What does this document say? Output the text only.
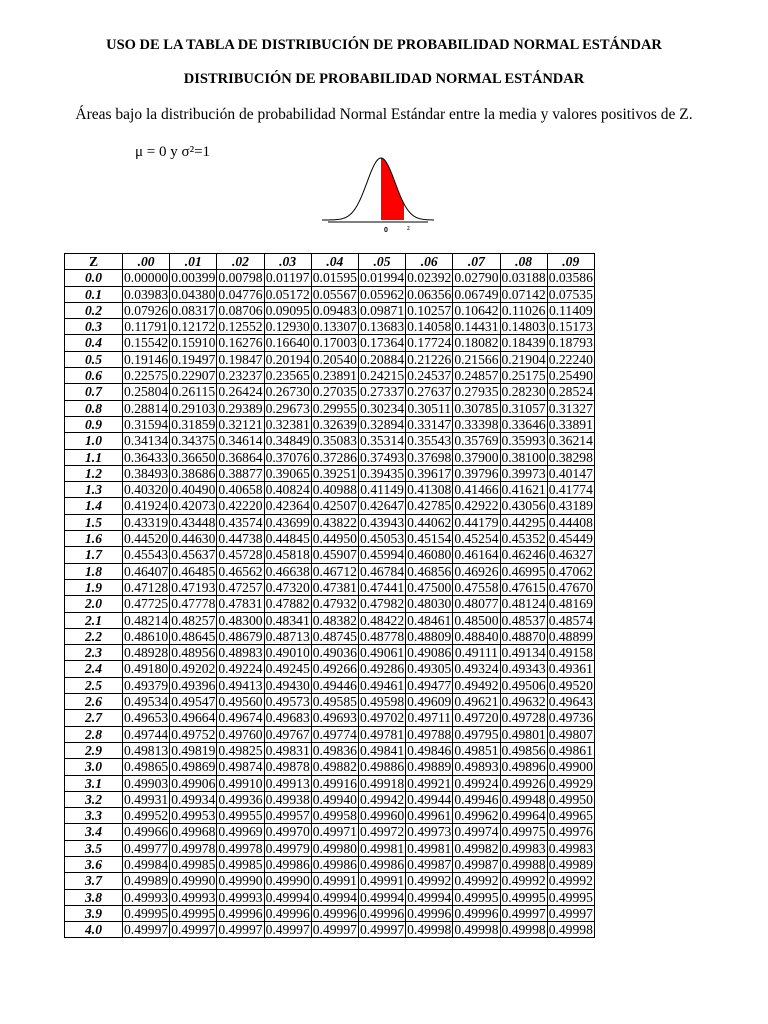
USO DE LA TABLA DE DISTRIBUCIÓN DE PROBABILIDAD NORMAL ESTÁNDAR
DISTRIBUCIÓN DE PROBABILIDAD NORMAL ESTÁNDAR
Áreas bajo la distribución de probabilidad Normal Estándar entre la media y valores positivos de Z.
μ = 0 y σ²=1
0	z
Z	.00	.01	.02	.03	.04	.05	.06	.07	.08	.09
0.0	0.00000	0.00399	0.00798	0.01197	0.01595	0.01994	0.02392	0.02790	0.03188	0.03586
0.1	0.03983	0.04380	0.04776	0.05172	0.05567	0.05962	0.06356	0.06749	0.07142	0.07535
0.2	0.07926	0.08317	0.08706	0.09095	0.09483	0.09871	0.10257	0.10642	0.11026	0.11409
0.3	0.11791	0.12172	0.12552	0.12930	0.13307	0.13683	0.14058	0.14431	0.14803	0.15173
0.4	0.15542	0.15910	0.16276	0.16640	0.17003	0.17364	0.17724	0.18082	0.18439	0.18793
0.5	0.19146	0.19497	0.19847	0.20194	0.20540	0.20884	0.21226	0.21566	0.21904	0.22240
0.6	0.22575	0.22907	0.23237	0.23565	0.23891	0.24215	0.24537	0.24857	0.25175	0.25490
0.7	0.25804	0.26115	0.26424	0.26730	0.27035	0.27337	0.27637	0.27935	0.28230	0.28524
0.8	0.28814	0.29103	0.29389	0.29673	0.29955	0.30234	0.30511	0.30785	0.31057	0.31327
0.9	0.31594	0.31859	0.32121	0.32381	0.32639	0.32894	0.33147	0.33398	0.33646	0.33891
1.0	0.34134	0.34375	0.34614	0.34849	0.35083	0.35314	0.35543	0.35769	0.35993	0.36214
1.1	0.36433	0.36650	0.36864	0.37076	0.37286	0.37493	0.37698	0.37900	0.38100	0.38298
1.2	0.38493	0.38686	0.38877	0.39065	0.39251	0.39435	0.39617	0.39796	0.39973	0.40147
1.3	0.40320	0.40490	0.40658	0.40824	0.40988	0.41149	0.41308	0.41466	0.41621	0.41774
1.4	0.41924	0.42073	0.42220	0.42364	0.42507	0.42647	0.42785	0.42922	0.43056	0.43189
1.5	0.43319	0.43448	0.43574	0.43699	0.43822	0.43943	0.44062	0.44179	0.44295	0.44408
1.6	0.44520	0.44630	0.44738	0.44845	0.44950	0.45053	0.45154	0.45254	0.45352	0.45449
1.7	0.45543	0.45637	0.45728	0.45818	0.45907	0.45994	0.46080	0.46164	0.46246	0.46327
1.8	0.46407	0.46485	0.46562	0.46638	0.46712	0.46784	0.46856	0.46926	0.46995	0.47062
1.9	0.47128	0.47193	0.47257	0.47320	0.47381	0.47441	0.47500	0.47558	0.47615	0.47670
2.0	0.47725	0.47778	0.47831	0.47882	0.47932	0.47982	0.48030	0.48077	0.48124	0.48169
2.1	0.48214	0.48257	0.48300	0.48341	0.48382	0.48422	0.48461	0.48500	0.48537	0.48574
2.2	0.48610	0.48645	0.48679	0.48713	0.48745	0.48778	0.48809	0.48840	0.48870	0.48899
2.3	0.48928	0.48956	0.48983	0.49010	0.49036	0.49061	0.49086	0.49111	0.49134	0.49158
2.4	0.49180	0.49202	0.49224	0.49245	0.49266	0.49286	0.49305	0.49324	0.49343	0.49361
2.5	0.49379	0.49396	0.49413	0.49430	0.49446	0.49461	0.49477	0.49492	0.49506	0.49520
2.6	0.49534	0.49547	0.49560	0.49573	0.49585	0.49598	0.49609	0.49621	0.49632	0.49643
2.7	0.49653	0.49664	0.49674	0.49683	0.49693	0.49702	0.49711	0.49720	0.49728	0.49736
2.8	0.49744	0.49752	0.49760	0.49767	0.49774	0.49781	0.49788	0.49795	0.49801	0.49807
2.9	0.49813	0.49819	0.49825	0.49831	0.49836	0.49841	0.49846	0.49851	0.49856	0.49861
3.0	0.49865	0.49869	0.49874	0.49878	0.49882	0.49886	0.49889	0.49893	0.49896	0.49900
3.1	0.49903	0.49906	0.49910	0.49913	0.49916	0.49918	0.49921	0.49924	0.49926	0.49929
3.2	0.49931	0.49934	0.49936	0.49938	0.49940	0.49942	0.49944	0.49946	0.49948	0.49950
3.3	0.49952	0.49953	0.49955	0.49957	0.49958	0.49960	0.49961	0.49962	0.49964	0.49965
3.4	0.49966	0.49968	0.49969	0.49970	0.49971	0.49972	0.49973	0.49974	0.49975	0.49976
3.5	0.49977	0.49978	0.49978	0.49979	0.49980	0.49981	0.49981	0.49982	0.49983	0.49983
3.6	0.49984	0.49985	0.49985	0.49986	0.49986	0.49986	0.49987	0.49987	0.49988	0.49989
3.7	0.49989	0.49990	0.49990	0.49990	0.49991	0.49991	0.49992	0.49992	0.49992	0.49992
3.8	0.49993	0.49993	0.49993	0.49994	0.49994	0.49994	0.49994	0.49995	0.49995	0.49995
3.9	0.49995	0.49995	0.49996	0.49996	0.49996	0.49996	0.49996	0.49996	0.49997	0.49997
4.0	0.49997	0.49997	0.49997	0.49997	0.49997	0.49997	0.49998	0.49998	0.49998	0.49998
